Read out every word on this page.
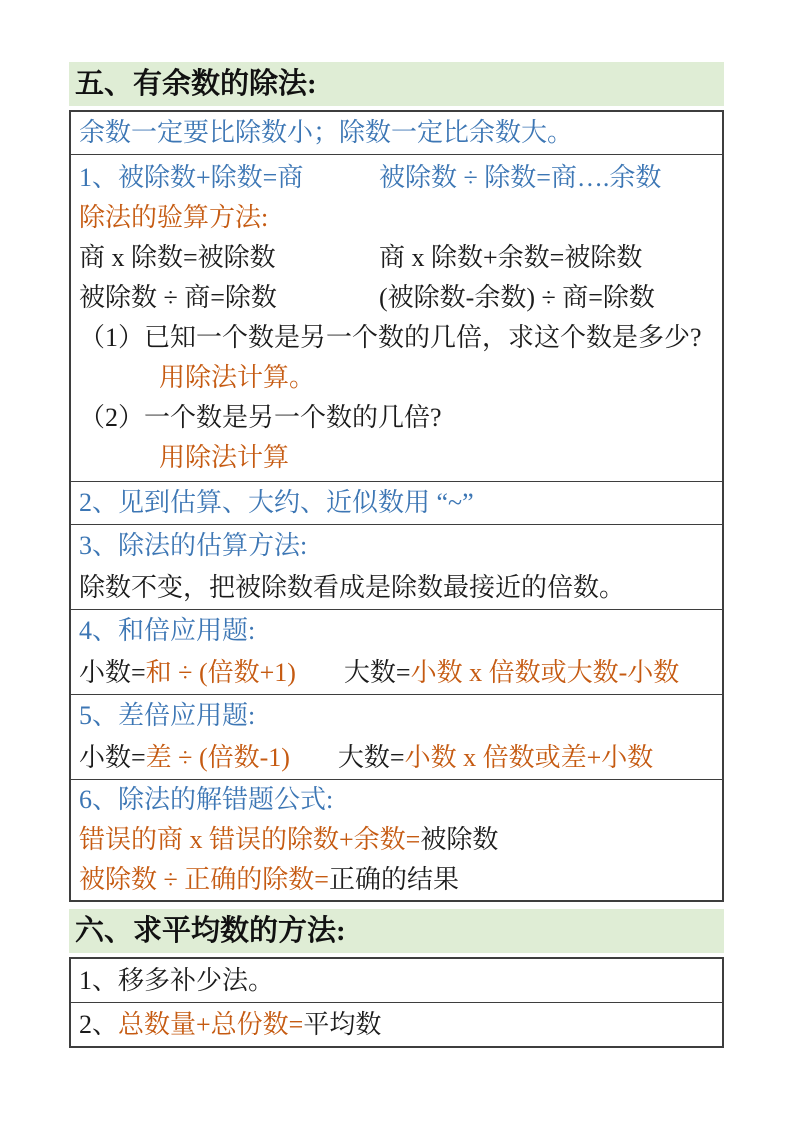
五、有余数的除法:
余数一定要比除数小；除数一定比余数大。
1、被除数+除数=商	被除数 ÷ 除数=商….余数
除法的验算方法:
商 x 除数=被除数	商 x 除数+余数=被除数
被除数 ÷ 商=除数	(被除数-余数) ÷ 商=除数
（1）已知一个数是另一个数的几倍，求这个数是多少?
用除法计算。
（2）一个数是另一个数的几倍?
用除法计算
2、见到估算、大约、近似数用 “~”
3、除法的估算方法:
除数不变，把被除数看成是除数最接近的倍数。
4、和倍应用题:
小数=和 ÷ (倍数+1) 大数=小数 x 倍数或大数-小数
5、差倍应用题:
小数=差 ÷ (倍数-1) 大数=小数 x 倍数或差+小数
6、除法的解错题公式:
错误的商 x 错误的除数+余数=被除数
被除数 ÷ 正确的除数=正确的结果
六、求平均数的方法:
1、移多补少法。
2、总数量+总份数=平均数
